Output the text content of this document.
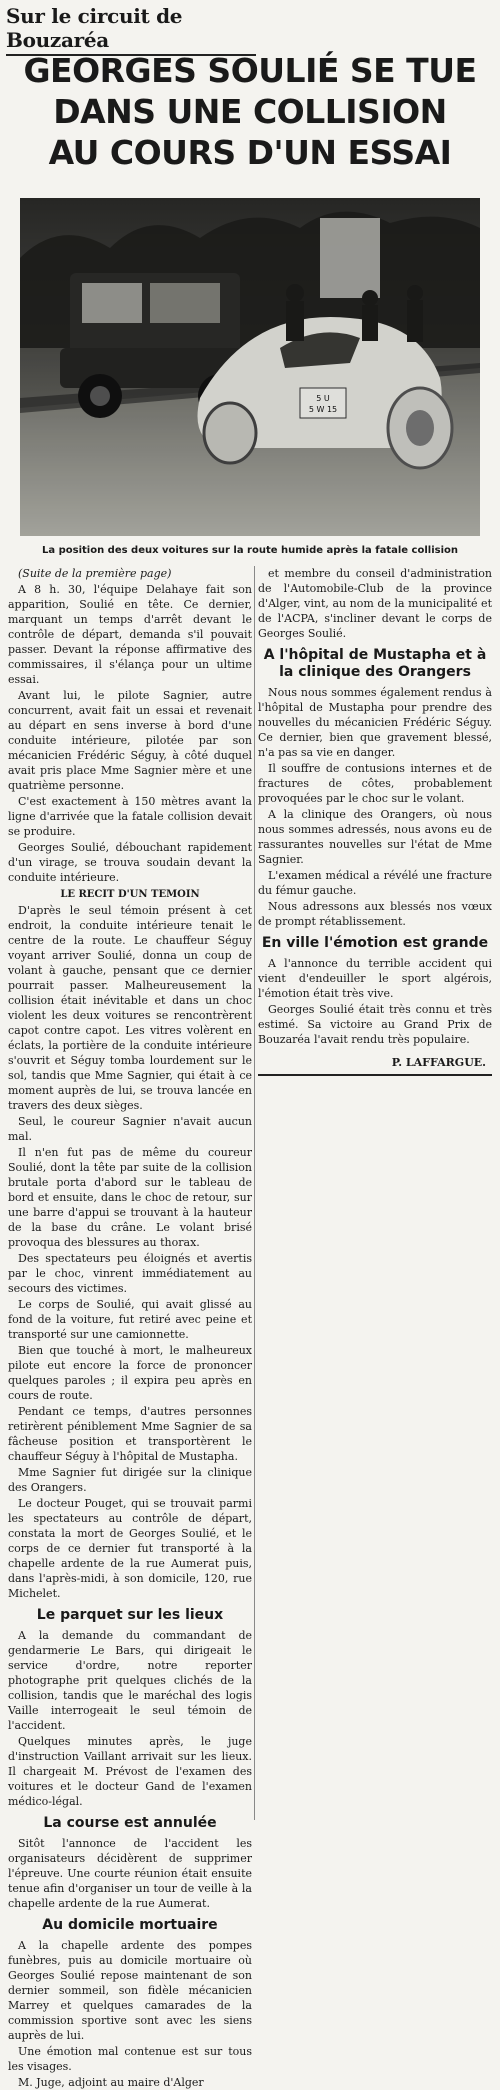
Sur le circuit de Bouzaréa
GEORGES SOULIÉ SE TUE
DANS UNE COLLISION
AU COURS D'UN ESSAI
5 U
5 W 15
La position des deux voitures sur la route humide après la fatale collision

(Suite de la première page)

A 8 h. 30, l'équipe Delahaye fait son apparition, Soulié en tête. Ce dernier, marquant un temps d'arrêt devant le contrôle de départ, demanda s'il pouvait passer. Devant la réponse affirmative des commissaires, il s'élança pour un ultime essai.

Avant lui, le pilote Sagnier, autre concurrent, avait fait un essai et revenait au départ en sens inverse à bord d'une conduite intérieure, pilotée par son mécanicien Frédéric Séguy, à côté duquel avait pris place Mme Sagnier mère et une quatrième personne.

C'est exactement à 150 mètres avant la ligne d'arrivée que la fatale collision devait se produire.

Georges Soulié, débouchant rapidement d'un virage, se trouva soudain devant la conduite intérieure.

LE RECIT D'UN TEMOIN

D'après le seul témoin présent à cet endroit, la conduite intérieure tenait le centre de la route. Le chauffeur Séguy voyant arriver Soulié, donna un coup de volant à gauche, pensant que ce dernier pourrait passer. Malheureusement la collision était inévitable et dans un choc violent les deux voitures se rencontrèrent capot contre capot. Les vitres volèrent en éclats, la portière de la conduite intérieure s'ouvrit et Séguy tomba lourdement sur le sol, tandis que Mme Sagnier, qui était à ce moment auprès de lui, se trouva lancée en travers des deux sièges.

Seul, le coureur Sagnier n'avait aucun mal.

Il n'en fut pas de même du coureur Soulié, dont la tête par suite de la collision brutale porta d'abord sur le tableau de bord et ensuite, dans le choc de retour, sur une barre d'appui se trouvant à la hauteur de la base du crâne. Le volant brisé provoqua des blessures au thorax.

Des spectateurs peu éloignés et avertis par le choc, vinrent immédiatement au secours des victimes.

Le corps de Soulié, qui avait glissé au fond de la voiture, fut retiré avec peine et transporté sur une camionnette.

Bien que touché à mort, le malheureux pilote eut encore la force de prononcer quelques paroles ; il expira peu après en cours de route.

Pendant ce temps, d'autres personnes retirèrent péniblement Mme Sagnier de sa fâcheuse position et transportèrent le chauffeur Séguy à l'hôpital de Mustapha.

Mme Sagnier fut dirigée sur la clinique des Orangers.

Le docteur Pouget, qui se trouvait parmi les spectateurs au contrôle de départ, constata la mort de Georges Soulié, et le corps de ce dernier fut transporté à la chapelle ardente de la rue Aumerat puis, dans l'après-midi, à son domicile, 120, rue Michelet.

Le parquet sur les lieux

A la demande du commandant de gendarmerie Le Bars, qui dirigeait le service d'ordre, notre reporter photographe prit quelques clichés de la collision, tandis que le maréchal des logis Vaille interrogeait le seul témoin de l'accident.

Quelques minutes après, le juge d'instruction Vaillant arrivait sur les lieux. Il chargeait M. Prévost de l'examen des voitures et le docteur Gand de l'examen médico-légal.

La course est annulée

Sitôt l'annonce de l'accident les organisateurs décidèrent de supprimer l'épreuve. Une courte réunion était ensuite tenue afin d'organiser un tour de veille à la chapelle ardente de la rue Aumerat.

Au domicile mortuaire

A la chapelle ardente des pompes funèbres, puis au domicile mortuaire où Georges Soulié repose maintenant de son dernier sommeil, son fidèle mécanicien Marrey et quelques camarades de la commission sportive sont avec les siens auprès de lui.

Une émotion mal contenue est sur tous les visages.

M. Juge, adjoint au maire d'Alger

et membre du conseil d'administration de l'Automobile-Club de la province d'Alger, vint, au nom de la municipalité et de l'ACPA, s'incliner devant le corps de Georges Soulié.

A l'hôpital de Mustapha et à la clinique des Orangers

Nous nous sommes également rendus à l'hôpital de Mustapha pour prendre des nouvelles du mécanicien Frédéric Séguy. Ce dernier, bien que gravement blessé, n'a pas sa vie en danger.

Il souffre de contusions internes et de fractures de côtes, probablement provoquées par le choc sur le volant.

A la clinique des Orangers, où nous nous sommes adressés, nous avons eu de rassurantes nouvelles sur l'état de Mme Sagnier.

L'examen médical a révélé une fracture du fémur gauche.

Nous adressons aux blessés nos vœux de prompt rétablissement.

En ville l'émotion est grande

A l'annonce du terrible accident qui vient d'endeuiller le sport algérois, l'émotion était très vive.

Georges Soulié était très connu et très estimé. Sa victoire au Grand Prix de Bouzaréa l'avait rendu très populaire.

P. LAFFARGUE.
